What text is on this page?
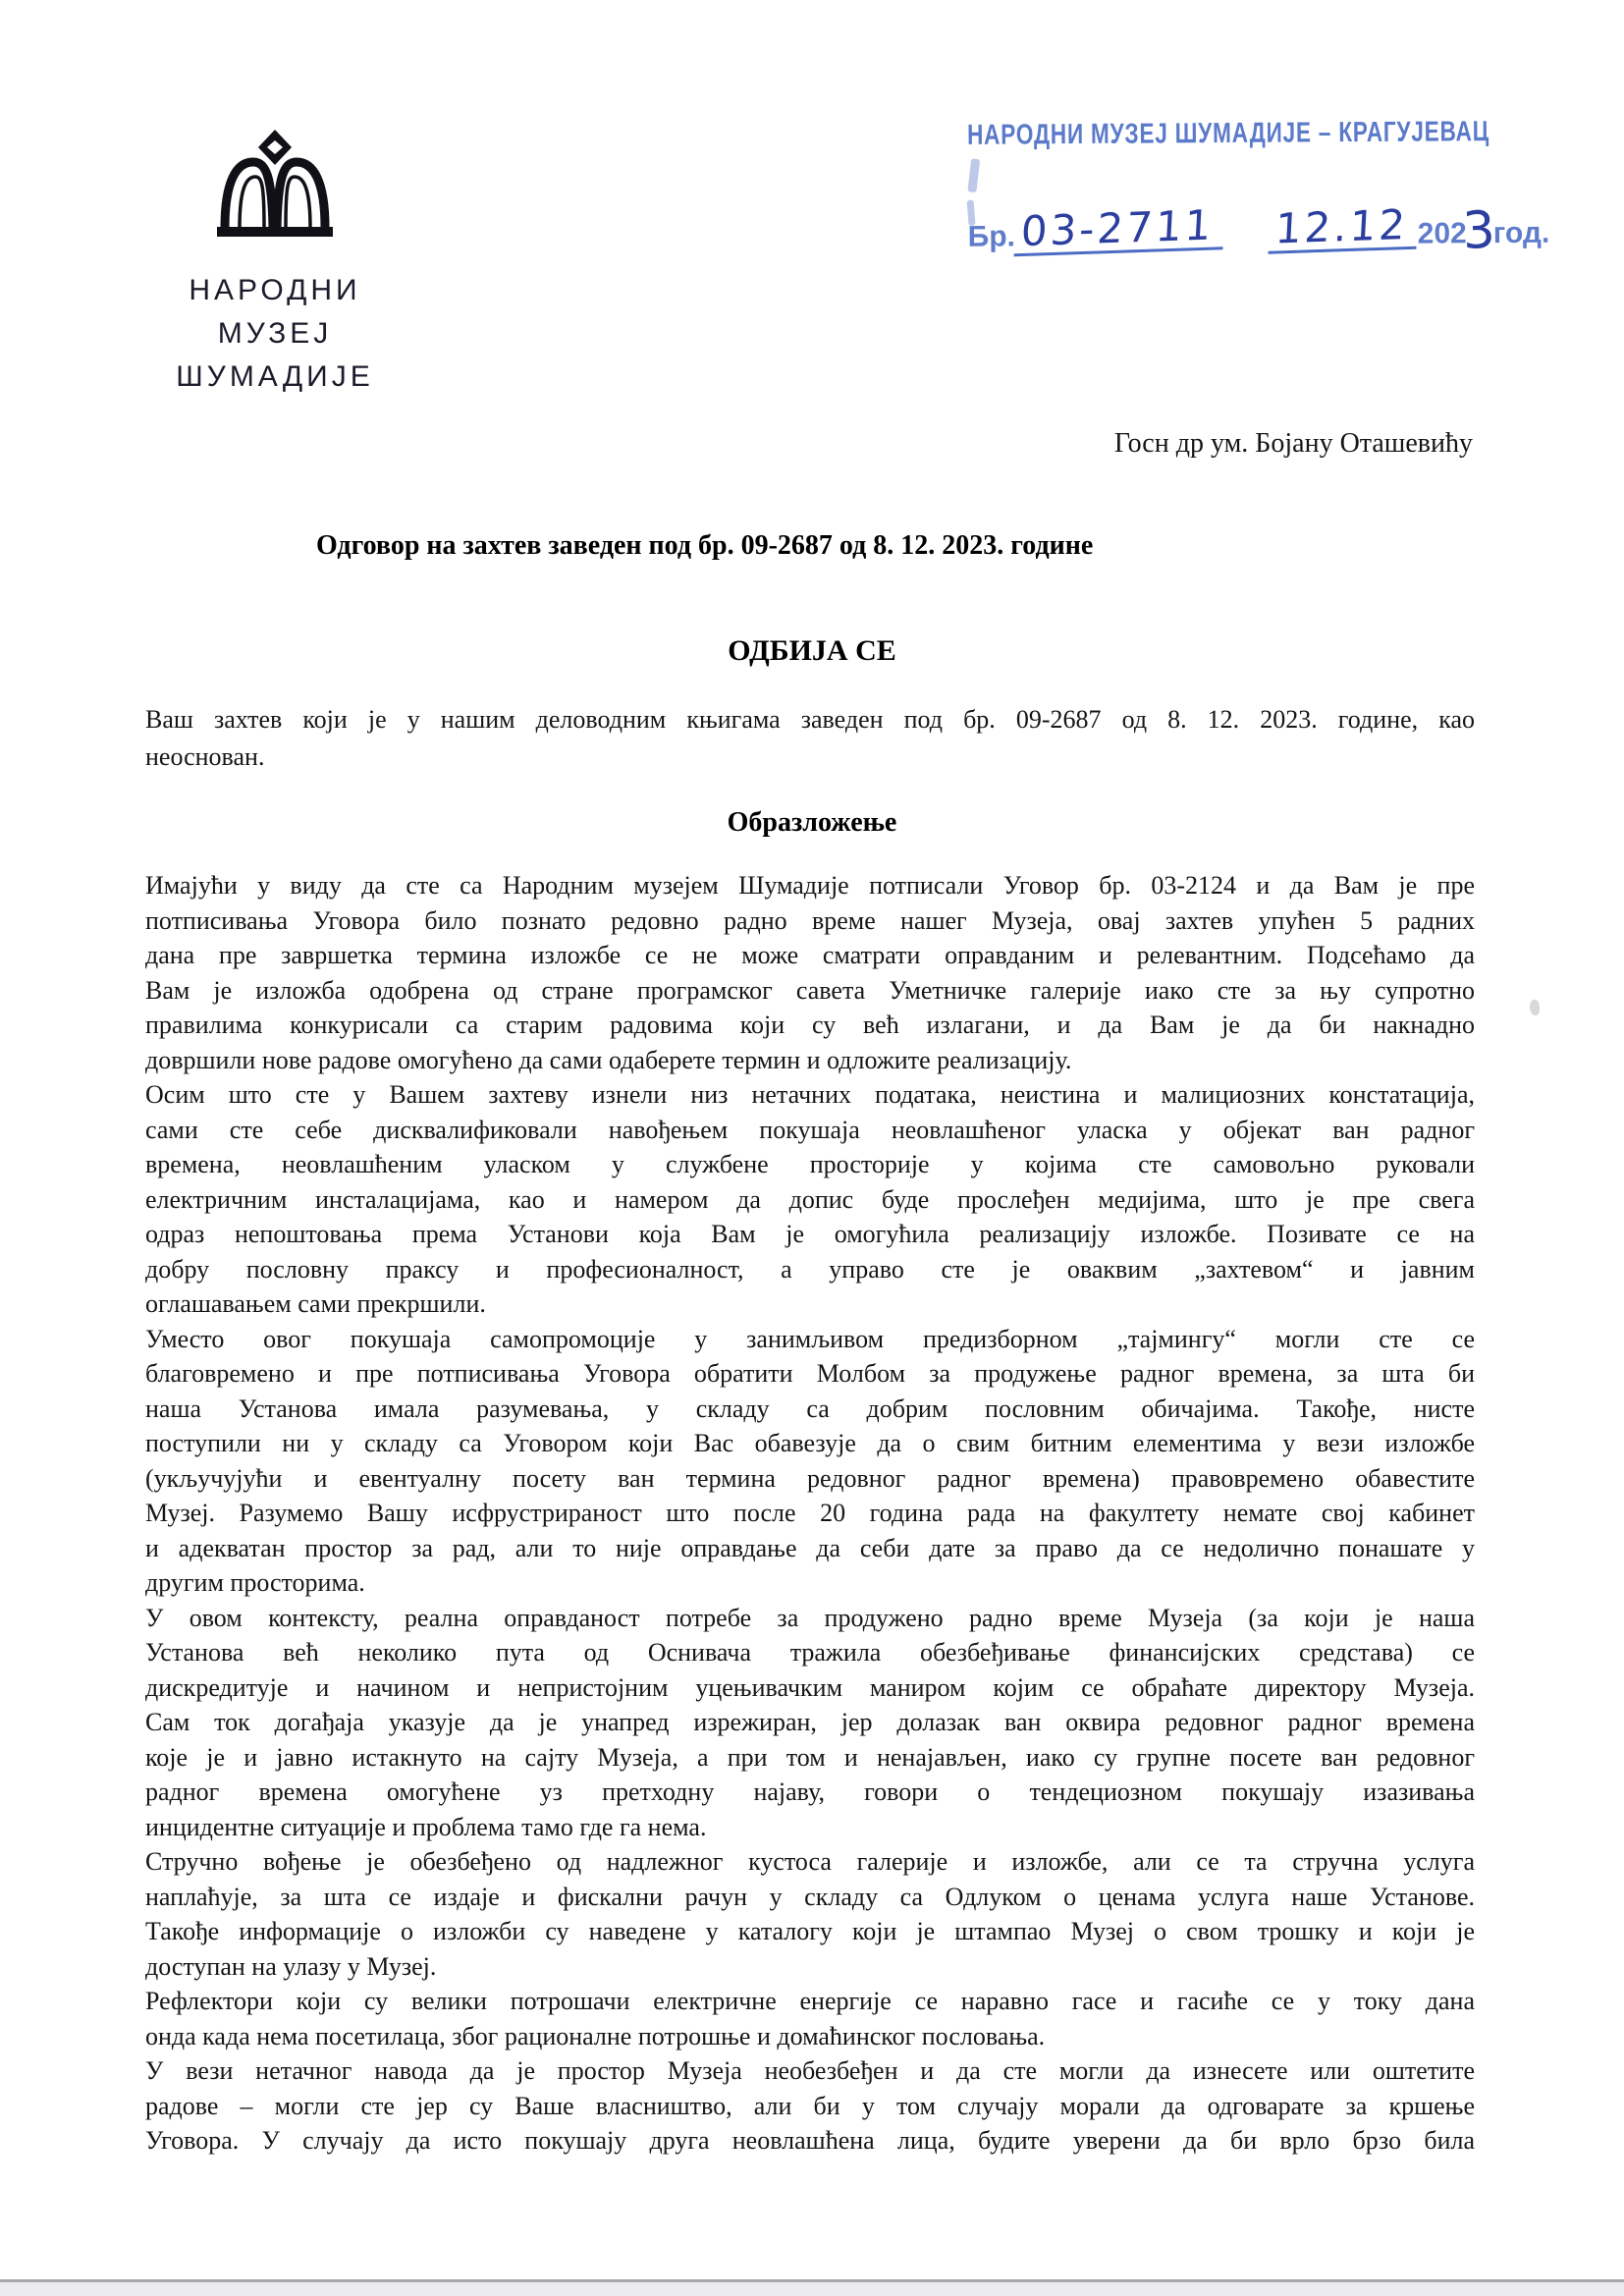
НАРОДНИ МУЗЕЈ
ШУМАДИЈЕ
НАРОДНИ МУЗЕЈ ШУМАДИЈЕ – КРАГУЈЕВАЦ
Бр. 03-2711 12.12 202
3
год.
Госн др ум. Бојану Оташевићу
Одговор на захтев заведен под бр. 09-2687 од 8. 12. 2023. године
ОДБИЈА СЕ
Ваш захтев који је у нашим деловодним књигама заведен под бр. 09-2687 од 8. 12. 2023. године, као
неоснован.
Образложење
Имајући у виду да сте са Народним музејем Шумадије потписали Уговор бр. 03-2124 и да Вам је пре
потписивања Уговора било познато редовно радно време нашег Музеја, овај захтев упућен 5 радних
дана пре завршетка термина изложбе се не може сматрати оправданим и релевантним. Подсећамо да
Вам је изложба одобрена од стране програмског савета Уметничке галерије иако сте за њу супротно
правилима конкурисали са старим радовима који су већ излагани, и да Вам је да би накнадно
довршили нове радове омогућено да сами одаберете термин и одложите реализацију.
Осим што сте у Вашем захтеву изнели низ нетачних података, неистина и малициозних констатација,
сами сте себе дисквалификовали навођењем покушаја неовлашћеног уласка у објекат ван радног
времена, неовлашћеним уласком у службене просторије у којима сте самовољно руковали
електричним инсталацијама, као и намером да допис буде прослеђен медијима, што је пре свега
одраз непоштовања према Установи која Вам је омогућила реализацију изложбе. Позивате се на
добру пословну праксу и професионалност, а управо сте је оваквим „захтевом“ и јавним
оглашавањем сами прекршили.
Уместо овог покушаја самопромоције у занимљивом предизборном „тајмингу“ могли сте се
благовремено и пре потписивања Уговора обратити Молбом за продужење радног времена, за шта би
наша Установа имала разумевања, у складу са добрим пословним обичајима. Такође, нисте
поступили ни у складу са Уговором који Вас обавезује да о свим битним елементима у вези изложбе
(укључујући и евентуалну посету ван термина редовног радног времена) правовремено обавестите
Музеј. Разумемо Вашу исфрустрираност што после 20 година рада на факултету немате свој кабинет
и адекватан простор за рад, али то није оправдање да себи дате за право да се недолично понашате у
другим просторима.
У овом контексту, реална оправданост потребе за продужено радно време Музеја (за који је наша
Установа већ неколико пута од Оснивача тражила обезбеђивање финансијских средстава) се
дискредитује и начином и непристојним уцењивачким маниром којим се обраћате директору Музеја.
Сам ток догађаја указује да је унапред изрежиран, јер долазак ван оквира редовног радног времена
које је и јавно истакнуто на сајту Музеја, а при том и ненајављен, иако су групне посете ван редовног
радног времена омогућене уз претходну најаву, говори о тендециозном покушају изазивања
инцидентне ситуације и проблема тамо где га нема.
Стручно вођење је обезбеђено од надлежног кустоса галерије и изложбе, али се та стручна услуга
наплаћује, за шта се издаје и фискални рачун у складу са Одлуком о ценама услуга наше Установе.
Такође информације о изложби су наведене у каталогу који је штампао Музеј о свом трошку и који је
доступан на улазу у Музеј.
Рефлектори који су велики потрошачи електричне енергије се наравно гасе и гасиће се у току дана
онда када нема посетилаца, због рационалне потрошње и домаћинског пословања.
У вези нетачног навода да је простор Музеја необезбеђен и да сте могли да изнесете или оштетите
радове – могли сте јер су Ваше власништво, али би у том случају морали да одговарате за кршење
Уговора. У случају да исто покушају друга неовлашћена лица, будите уверени да би врло брзо била
